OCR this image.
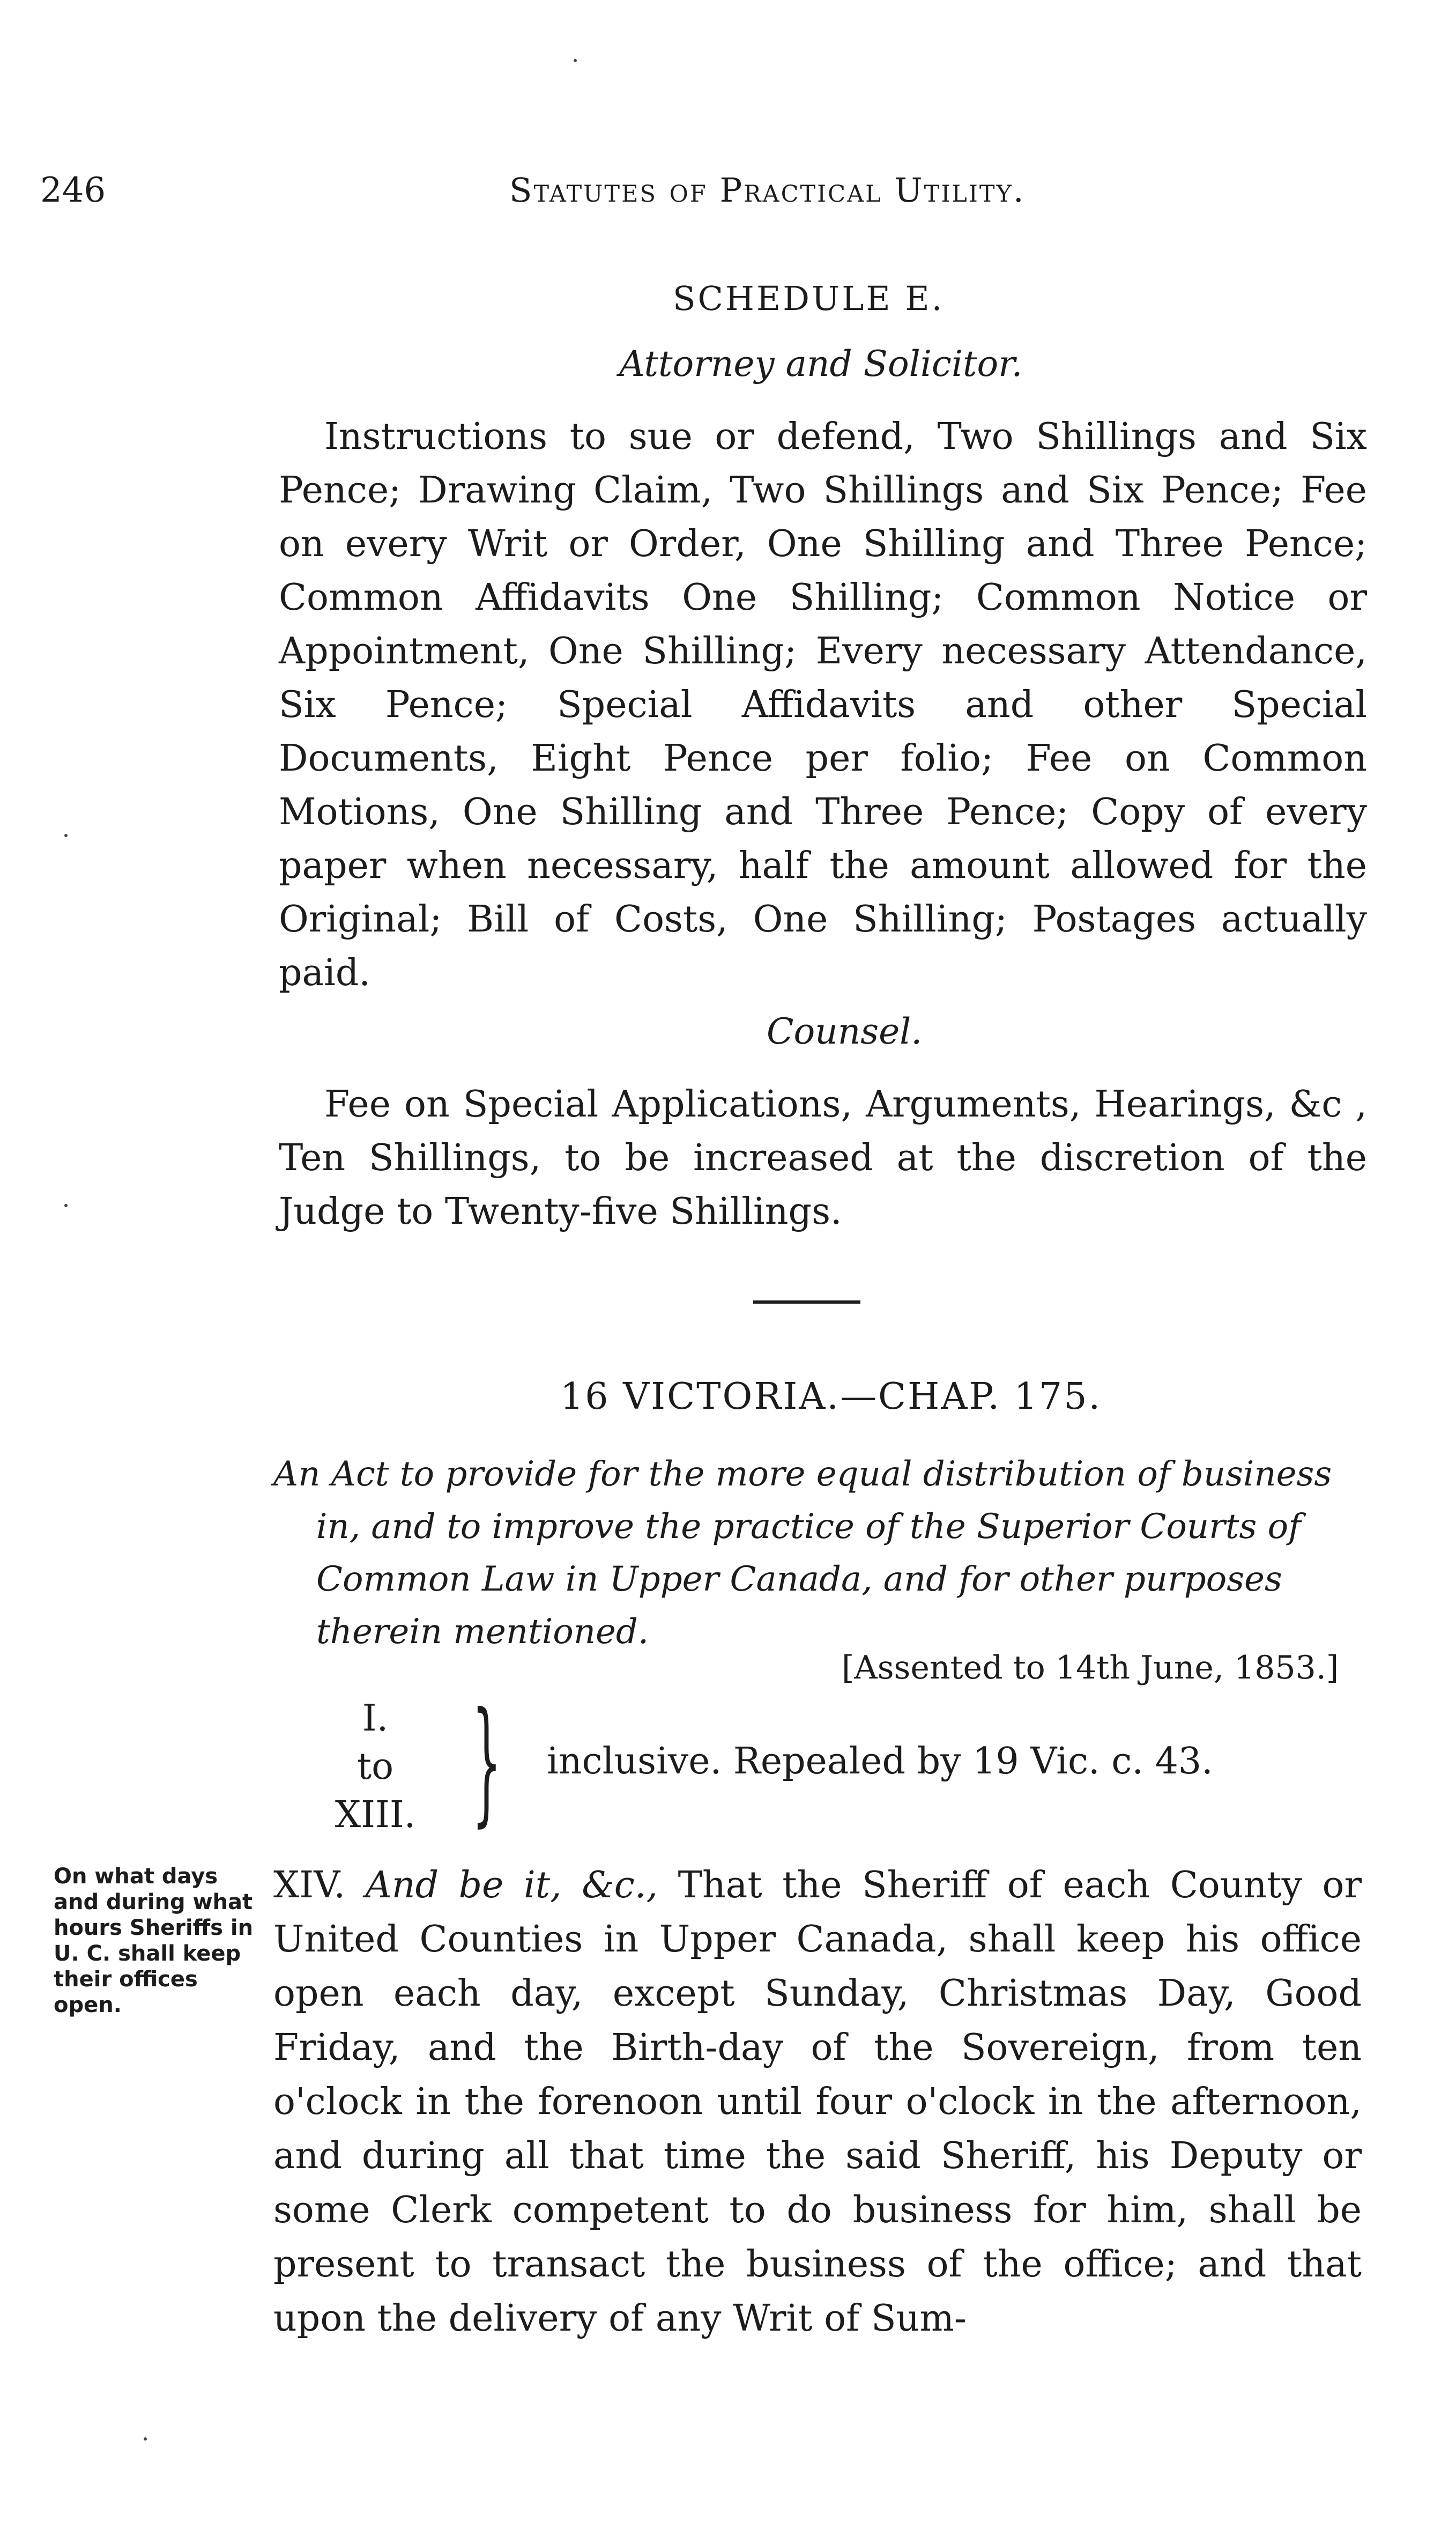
246	Statutes of Practical Utility.
SCHEDULE E.
Attorney and Solicitor.

Instructions to sue or defend, Two Shillings and Six Pence; Drawing Claim, Two Shillings and Six Pence; Fee on every Writ or Order, One Shilling and Three Pence; Common Affidavits One Shilling; Common Notice or Appointment, One Shilling; Every necessary Attendance, Six Pence; Special Affidavits and other Special Documents, Eight Pence per folio; Fee on Common Motions, One Shilling and Three Pence; Copy of every paper when necessary, half the amount allowed for the Original; Bill of Costs, One Shilling; Postages actually paid.

Counsel.

Fee on Special Applications, Arguments, Hearings, &c , Ten Shillings, to be increased at the discretion of the Judge to Twenty-five Shillings.

16 VICTORIA.—CHAP. 175.
An Act to provide for the more equal distribution of business
in, and to improve the practice of the Superior Courts of Common Law in Upper Canada, and for other purposes therein mentioned.
[Assented to 14th June, 1853.]
I.
to
XIII. } inclusive. Repealed by 19 Vic. c. 43.
On what days and during what hours Sheriffs in U. C. shall keep their offices open.
XIV. And be it, &c., That the Sheriff of each County or United Counties in Upper Canada, shall keep his office open each day, except Sunday, Christmas Day, Good Friday, and the Birth-day of the Sovereign, from ten o'clock in the forenoon until four o'clock in the afternoon, and during all that time the said Sheriff, his Deputy or some Clerk competent to do business for him, shall be present to transact the business of the office; and that upon the delivery of any Writ of Sum-
